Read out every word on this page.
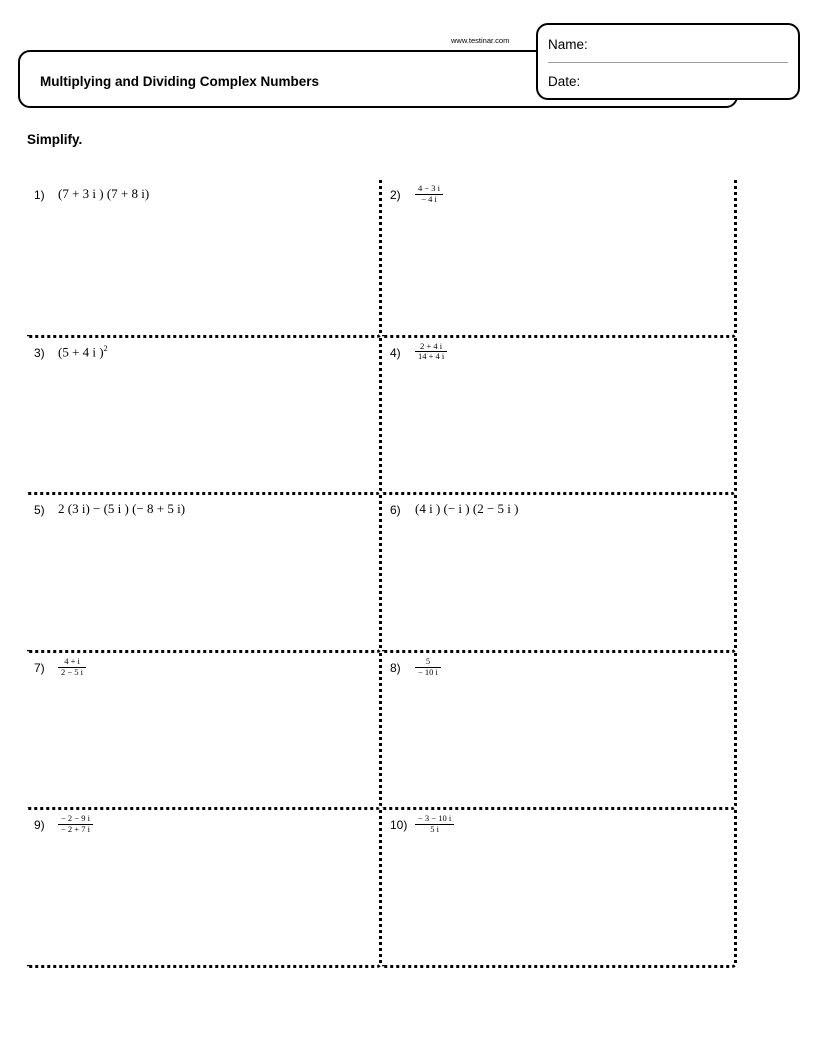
Multiplying and Dividing Complex Numbers
www.testinar.com	Name:
Date:
Simplify.
1) (7 + 3 i ) (7 + 8 i)	$2) \frac{4 - 3 i}{- 4 i}$
3) (5 + 4 i )$^2$	$4) \frac{2 + 4 i}{14 + 4 i}$
5) 2 (3 i) − (5 i ) (− 8 + 5 i)	6) (4 i ) (− i ) (2 − 5 i )
$7) \frac{4 + i}{2 - 5 i}$	$8) \frac{5}{- 10 i}$
$9) \frac{- 2 - 9 i}{- 2 + 7 i}$	$10) \frac{- 3 - 10 i}{5 i}$
